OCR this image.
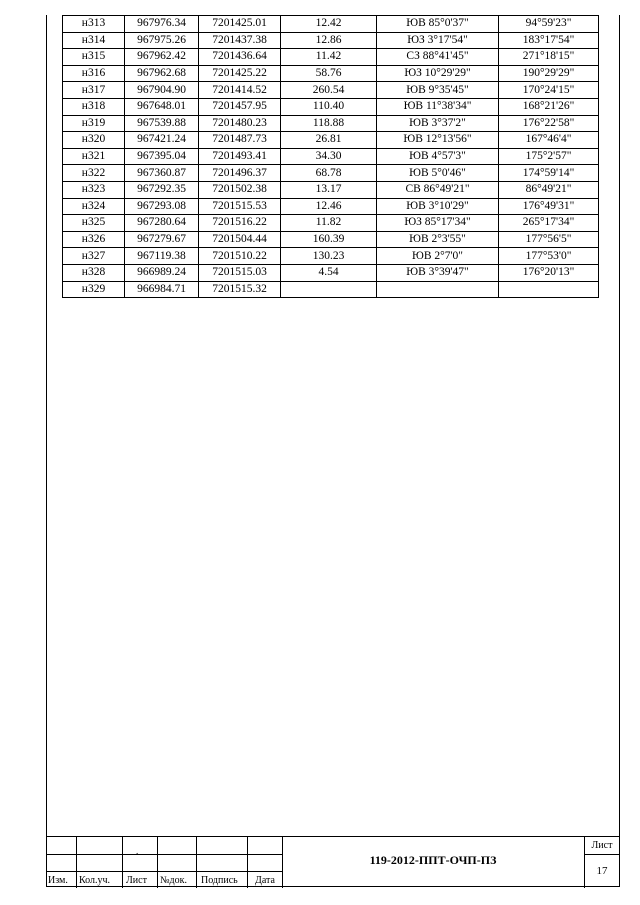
н313	967976.34	7201425.01	12.42	ЮВ 85°0'37"	94°59'23"
н314	967975.26	7201437.38	12.86	ЮЗ 3°17'54"	183°17'54"
н315	967962.42	7201436.64	11.42	СЗ 88°41'45"	271°18'15"
н316	967962.68	7201425.22	58.76	ЮЗ 10°29'29"	190°29'29"
н317	967904.90	7201414.52	260.54	ЮВ 9°35'45"	170°24'15"
н318	967648.01	7201457.95	110.40	ЮВ 11°38'34"	168°21'26"
н319	967539.88	7201480.23	118.88	ЮВ 3°37'2"	176°22'58"
н320	967421.24	7201487.73	26.81	ЮВ 12°13'56"	167°46'4"
н321	967395.04	7201493.41	34.30	ЮВ 4°57'3"	175°2'57"
н322	967360.87	7201496.37	68.78	ЮВ 5°0'46"	174°59'14"
н323	967292.35	7201502.38	13.17	СВ 86°49'21"	86°49'21"
н324	967293.08	7201515.53	12.46	ЮВ 3°10'29"	176°49'31"
н325	967280.64	7201516.22	11.82	ЮЗ 85°17'34"	265°17'34"
н326	967279.67	7201504.44	160.39	ЮВ 2°3'55"	177°56'5"
н327	967119.38	7201510.22	130.23	ЮВ 2°7'0"	177°53'0"
н328	966989.24	7201515.03	4.54	ЮВ 3°39'47"	176°20'13"
н329	966984.71	7201515.32			
.
Изм. Кол.уч. Лист №док. Подпись Дата
119-2012-ППТ-ОЧП-ПЗ
Лист
17
